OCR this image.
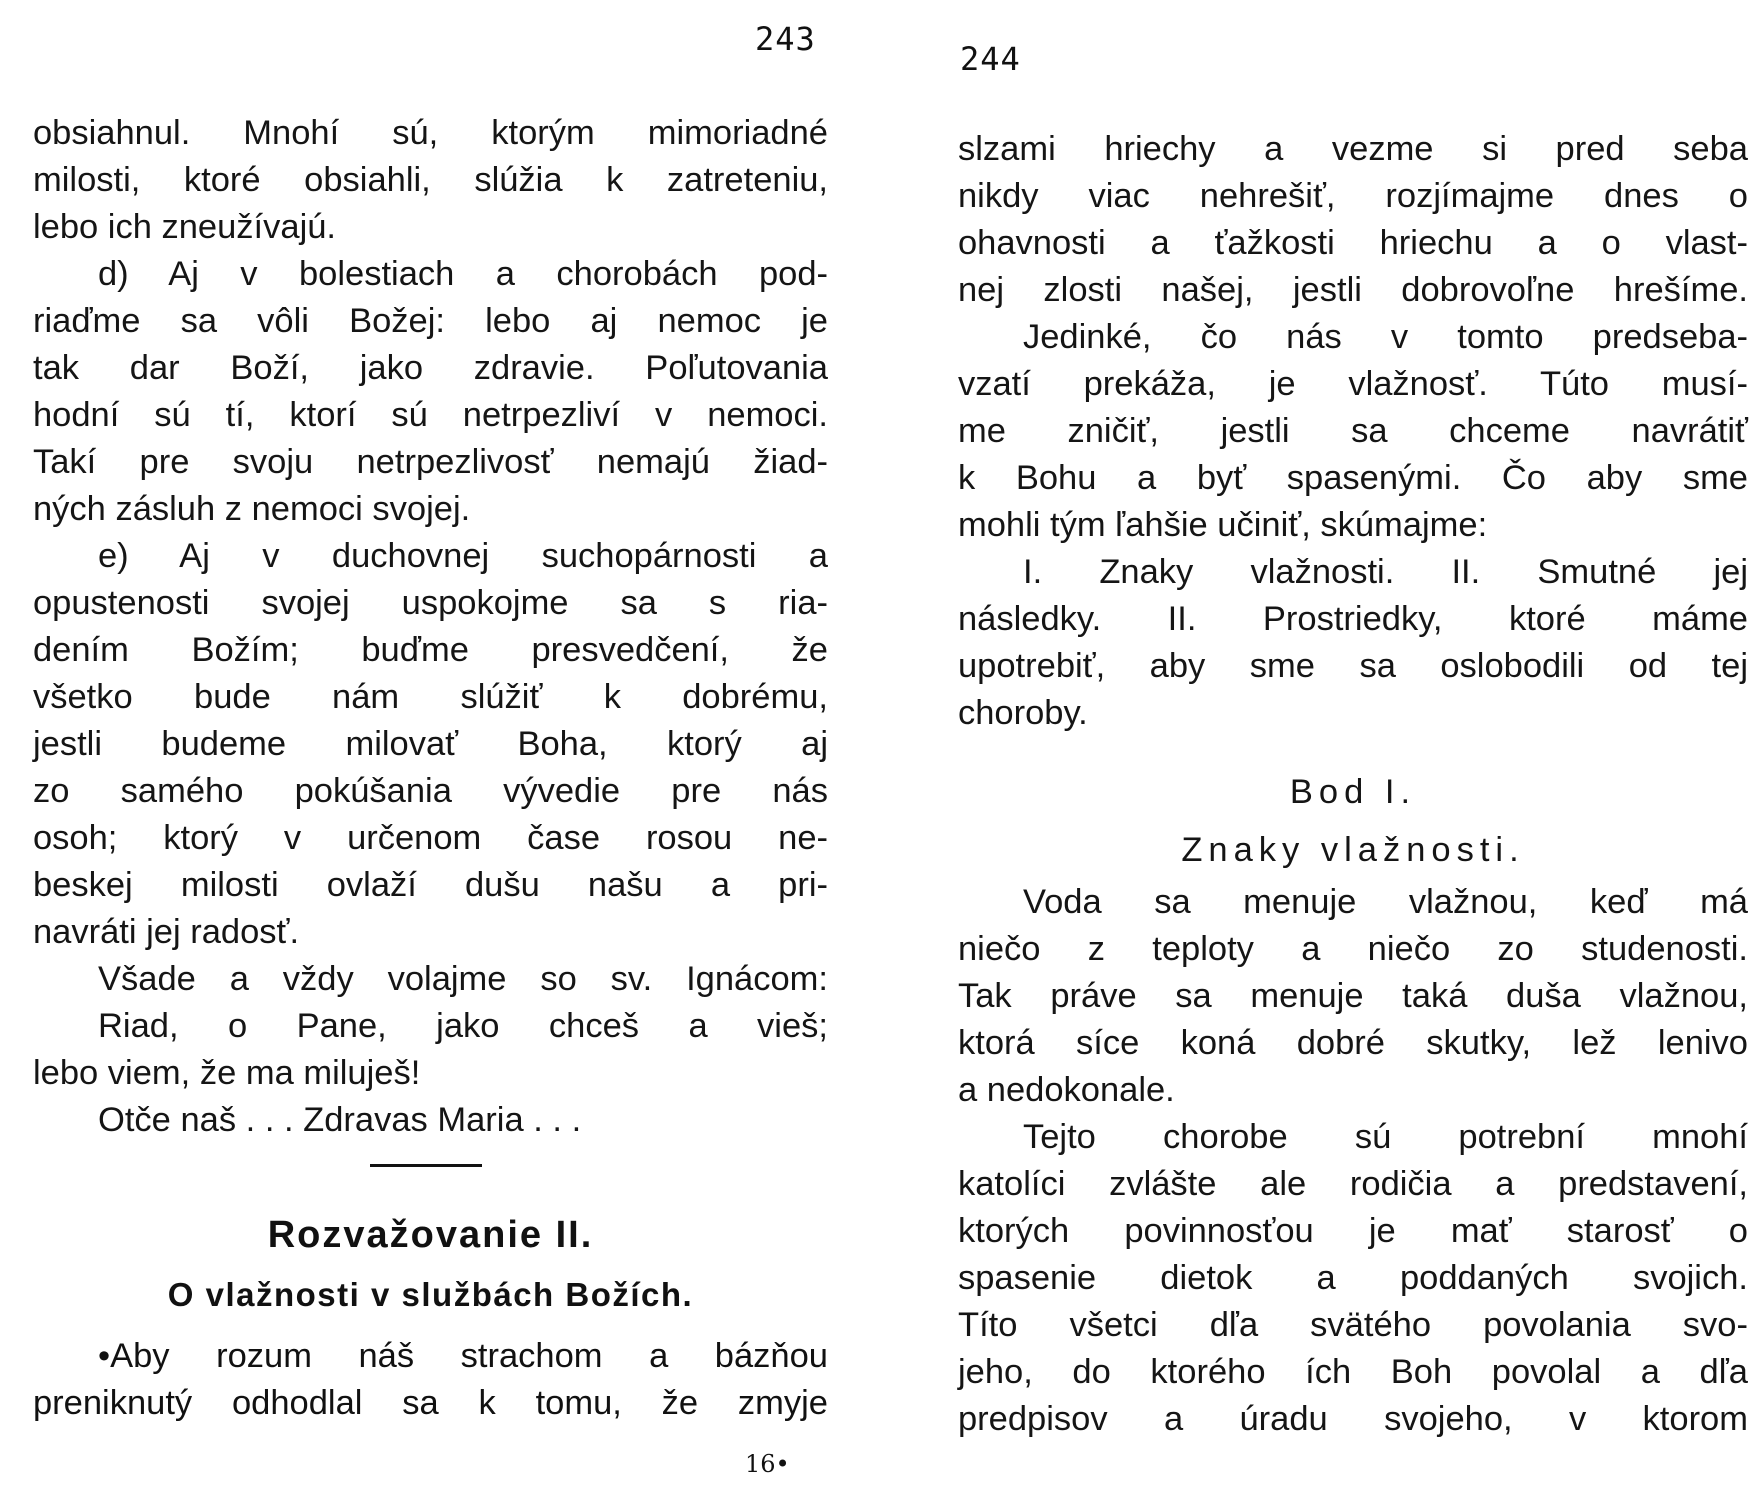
243
obsiahnul. Mnohí sú, ktorým mimoriadné
milosti, ktoré obsiahli, slúžia k zatreteniu,
lebo ich zneužívajú.
d) Aj v bolestiach a chorobách pod-
riaďme sa vôli Božej: lebo aj nemoc je
tak dar Boží, jako zdravie. Poľutovania
hodní sú tí, ktorí sú netrpezliví v nemoci.
Takí pre svoju netrpezlivosť nemajú žiad-
ných zásluh z nemoci svojej.
e) Aj v duchovnej suchopárnosti a
opustenosti svojej uspokojme sa s ria-
dením Božím; buďme presvedčení, že
všetko bude nám slúžiť k dobrému,
jestli budeme milovať Boha, ktorý aj
zo samého pokúšania vývedie pre nás
osoh; ktorý v určenom čase rosou ne-
beskej milosti ovlaží dušu našu a pri-
navráti jej radosť.
Všade a vždy volajme so sv. Ignácom:
Riad, o Pane, jako chceš a vieš;
lebo viem, že ma miluješ!
Otče naš . . . Zdravas Maria . . .
Rozvažovanie II.
O vlažnosti v službách Božích.
•Aby rozum náš strachom a bázňou
preniknutý odhodlal sa k tomu, že zmyje
16•
244
slzami hriechy a vezme si pred seba
nikdy viac nehrešiť, rozjímajme dnes o
ohavnosti a ťažkosti hriechu a o vlast-
nej zlosti našej, jestli dobrovoľne hrešíme.
Jedinké, čo nás v tomto predseba-
vzatí prekáža, je vlažnosť. Túto musí-
me zničiť, jestli sa chceme navrátiť
k Bohu a byť spasenými. Čo aby sme
mohli tým ľahšie učiniť, skúmajme:
I. Znaky vlažnosti. II. Smutné jej
následky. II. Prostriedky, ktoré máme
upotrebiť, aby sme sa oslobodili od tej
choroby.
Bod I.
Znaky vlažnosti.
Voda sa menuje vlažnou, keď má
niečo z teploty a niečo zo studenosti.
Tak práve sa menuje taká duša vlažnou,
ktorá síce koná dobré skutky, lež lenivo
a nedokonale.
Tejto chorobe sú potrební mnohí
katolíci zvlášte ale rodičia a predstavení,
ktorých povinnosťou je mať starosť o
spasenie dietok a poddaných svojich.
Títo všetci dľa svätého povolania svo-
jeho, do ktorého ích Boh povolal a dľa
predpisov a úradu svojeho, v ktorom
